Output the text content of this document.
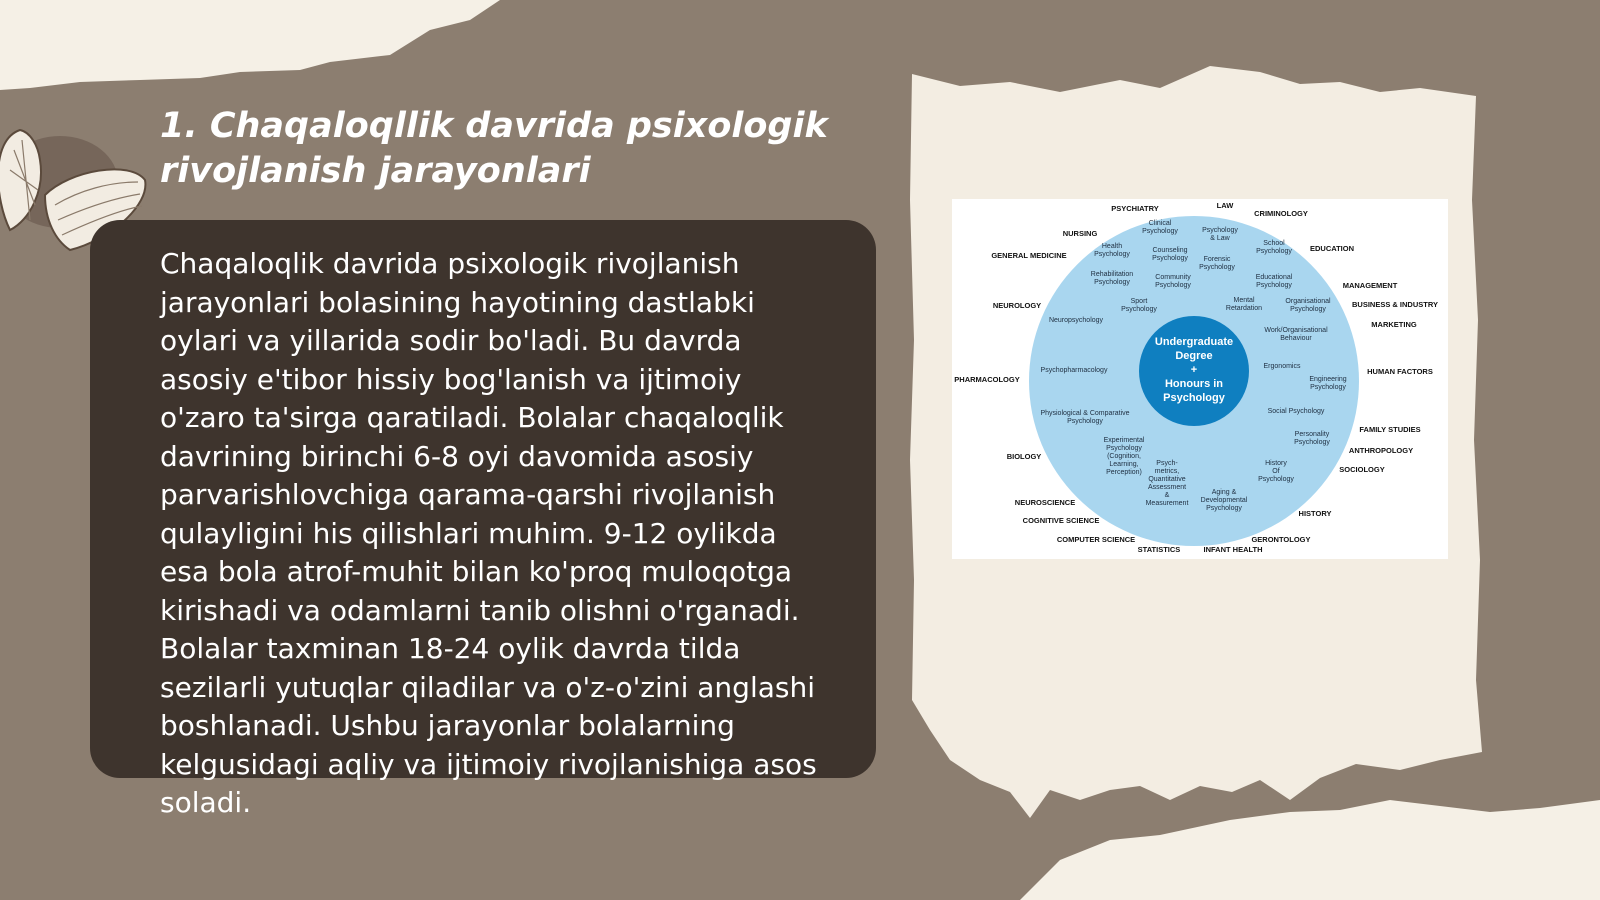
1. Chaqaloqllik davrida psixologik rivojlanish jarayonlari
Chaqaloqlik davrida psixologik rivojlanish jarayonlari bolasining hayotining dastlabki oylari va yillarida sodir bo'ladi. Bu davrda asosiy e'tibor hissiy bog'lanish va ijtimoiy o'zaro ta'sirga qaratiladi. Bolalar chaqaloqlik davrining birinchi 6-8 oyi davomida asosiy parvarishlovchiga qarama-qarshi rivojlanish qulayligini his qilishlari muhim. 9-12 oylikda esa bola atrof-muhit bilan ko'proq muloqotga kirishadi va odamlarni tanib olishni o'rganadi. Bolalar taxminan 18-24 oylik davrda tilda sezilarli yutuqlar qiladilar va o'z-o'zini anglashi boshlanadi. Ushbu jarayonlar bolalarning kelgusidagi aqliy va ijtimoiy rivojlanishiga asos soladi.
Undergraduate Degree + Honours in Psychology
Clinical Psychology	Psychology & Law
Health Psychology
Counseling Psychology
School Psychology
Forensic Psychology
Rehabilitation Psychology
Community Psychology
Educational Psychology
Sport Psychology
Mental Retardation
Organisational Psychology
Neuropsychology
Work/Organisational Behaviour
Psychopharmacology
Ergonomics
Engineering Psychology
Social Psychology
Physiological & Comparative Psychology
Personality Psychology
Experimental Psychology (Cognition, Learning, Perception)
Psych-metrics, Quantitative Assessment & Measurement
History Of Psychology
Aging & Developmental Psychology
PSYCHIATRY	LAW
CRIMINOLOGY
NURSING
EDUCATION
GENERAL MEDICINE
MANAGEMENT
NEUROLOGY	BUSINESS & INDUSTRY
MARKETING
PHARMACOLOGY
HUMAN FACTORS
FAMILY STUDIES
BIOLOGY
ANTHROPOLOGY
SOCIOLOGY
NEUROSCIENCE
HISTORY
COGNITIVE SCIENCE
COMPUTER SCIENCE	GERONTOLOGY
STATISTICS	INFANT HEALTH
